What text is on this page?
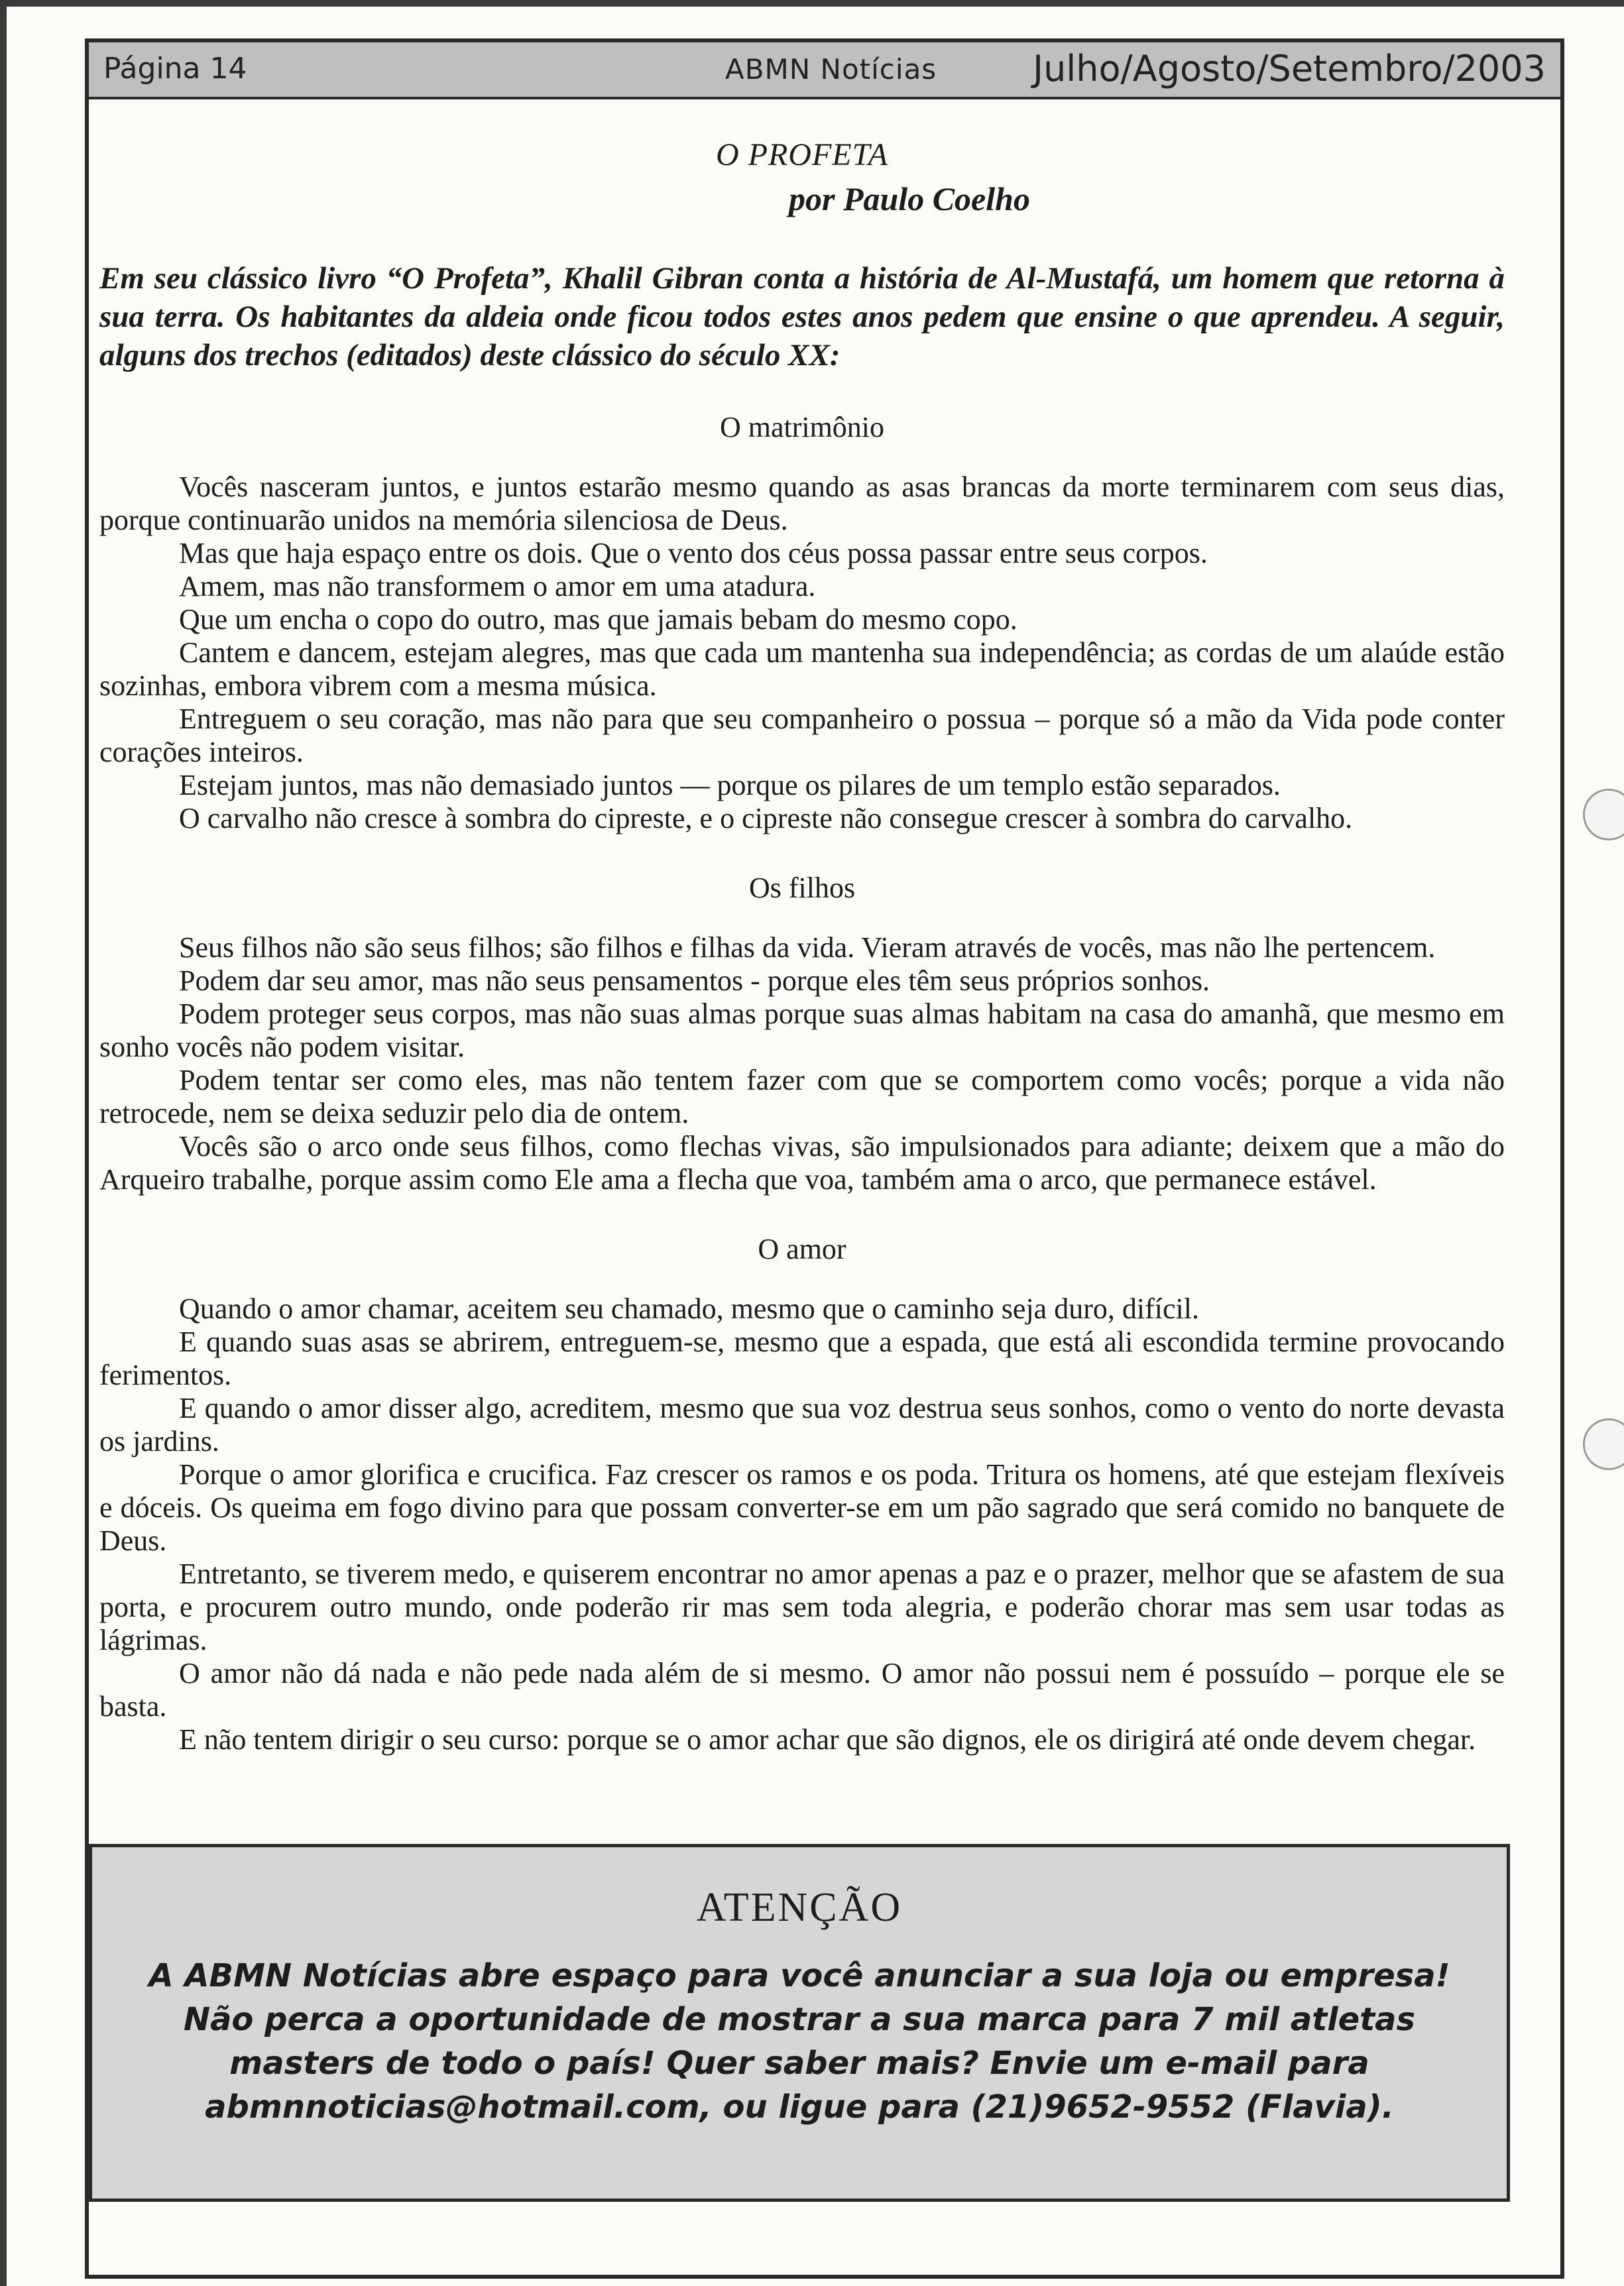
Página 14	ABMN Notícias	Julho/Agosto/Setembro/2003
O PROFETA
por Paulo Coelho

Em seu clássico livro “O Profeta”, Khalil Gibran conta a história de Al-Mustafá, um homem que retorna à sua terra. Os habitantes da aldeia onde ficou todos estes anos pedem que ensine o que aprendeu. A seguir, alguns dos trechos (editados) deste clássico do século XX:

O matrimônio

Vocês nasceram juntos, e juntos estarão mesmo quando as asas brancas da morte terminarem com seus dias, porque continuarão unidos na memória silenciosa de Deus.

Mas que haja espaço entre os dois. Que o vento dos céus possa passar entre seus corpos.

Amem, mas não transformem o amor em uma atadura.

Que um encha o copo do outro, mas que jamais bebam do mesmo copo.

Cantem e dancem, estejam alegres, mas que cada um mantenha sua independência; as cordas de um alaúde estão sozinhas, embora vibrem com a mesma música.

Entreguem o seu coração, mas não para que seu companheiro o possua – porque só a mão da Vida pode conter corações inteiros.

Estejam juntos, mas não demasiado juntos — porque os pilares de um templo estão separados.

O carvalho não cresce à sombra do cipreste, e o cipreste não consegue crescer à sombra do carvalho.

Os filhos

Seus filhos não são seus filhos; são filhos e filhas da vida. Vieram através de vocês, mas não lhe pertencem.

Podem dar seu amor, mas não seus pensamentos - porque eles têm seus próprios sonhos.

Podem proteger seus corpos, mas não suas almas porque suas almas habitam na casa do amanhã, que mesmo em sonho vocês não podem visitar.

Podem tentar ser como eles, mas não tentem fazer com que se comportem como vocês; porque a vida não retrocede, nem se deixa seduzir pelo dia de ontem.

Vocês são o arco onde seus filhos, como flechas vivas, são impulsionados para adiante; deixem que a mão do Arqueiro trabalhe, porque assim como Ele ama a flecha que voa, também ama o arco, que permanece estável.

O amor

Quando o amor chamar, aceitem seu chamado, mesmo que o caminho seja duro, difícil.

E quando suas asas se abrirem, entreguem-se, mesmo que a espada, que está ali escondida termine provocando ferimentos.

E quando o amor disser algo, acreditem, mesmo que sua voz destrua seus sonhos, como o vento do norte devasta os jardins.

Porque o amor glorifica e crucifica. Faz crescer os ramos e os poda. Tritura os homens, até que estejam flexíveis e dóceis. Os queima em fogo divino para que possam converter-se em um pão sagrado que será comido no banquete de Deus.

Entretanto, se tiverem medo, e quiserem encontrar no amor apenas a paz e o prazer, melhor que se afastem de sua porta, e procurem outro mundo, onde poderão rir mas sem toda alegria, e poderão chorar mas sem usar todas as lágrimas.

O amor não dá nada e não pede nada além de si mesmo. O amor não possui nem é possuído – porque ele se basta.

E não tentem dirigir o seu curso: porque se o amor achar que são dignos, ele os dirigirá até onde devem chegar.

ATENÇÃO
A ABMN Notícias abre espaço para você anunciar a sua loja ou empresa! Não perca a oportunidade de mostrar a sua marca para 7 mil atletas masters de todo o país! Quer saber mais? Envie um e-mail para abmnnoticias@hotmail.com, ou ligue para (21)9652-9552 (Flavia).
